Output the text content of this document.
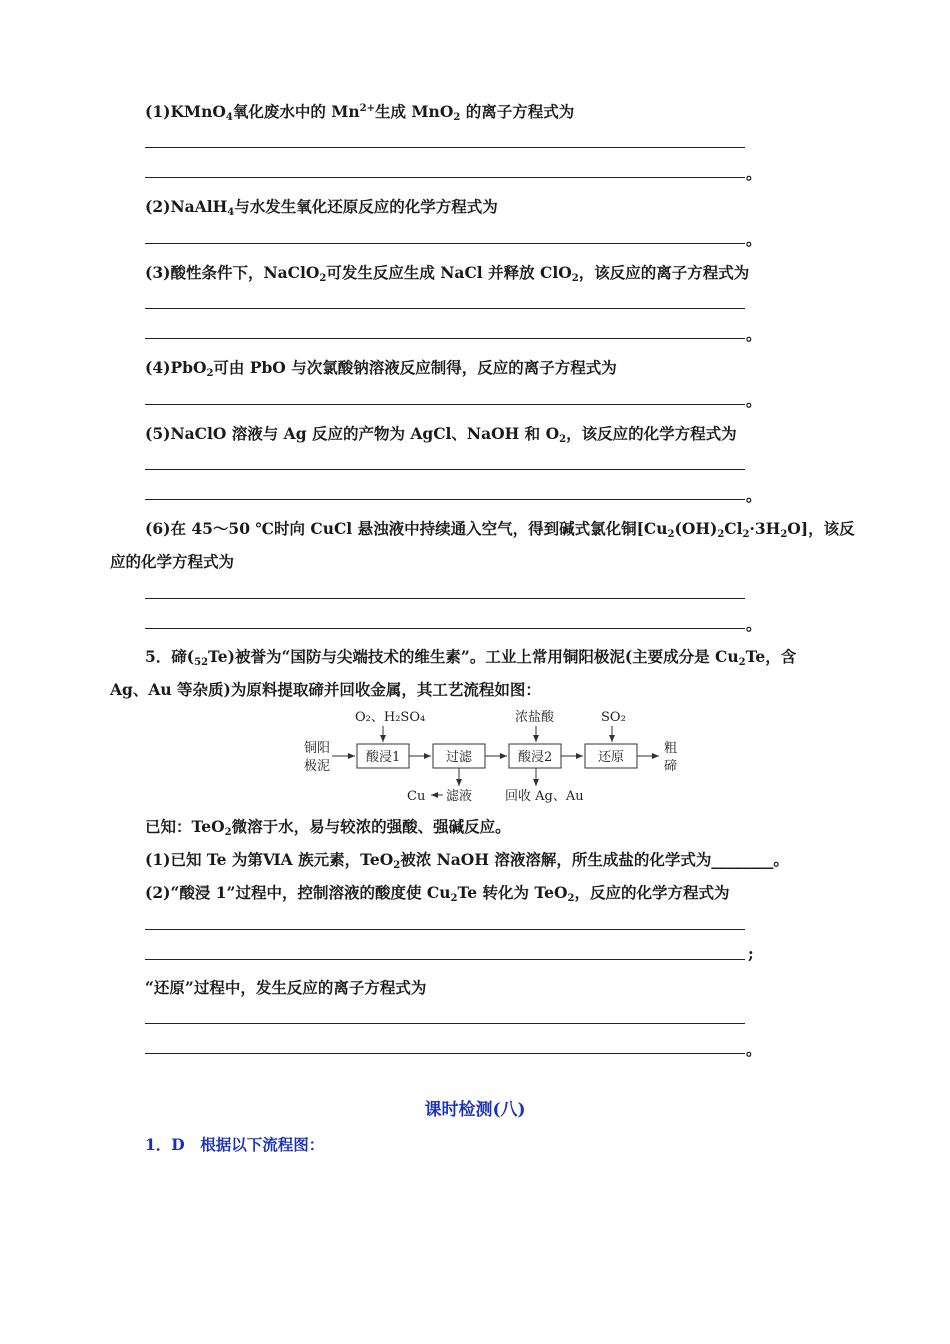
(1)KMnO$_4$氧化废水中的 $Mn^{2+}$生成 MnO$_2$ 的离子方程式为
。
(2)NaAlH$_4$与水发生氧化还原反应的化学方程式为
。
(3)酸性条件下，NaClO$_2$可发生反应生成 NaCl 并释放 ClO$_2$，该反应的离子方程式为
。
(4)PbO$_2$可由 PbO 与次氯酸钠溶液反应制得，反应的离子方程式为
。
(5)NaClO 溶液与 Ag 反应的产物为 AgCl、NaOH 和 $O_2$，该反应的化学方程式为
。
(6)在 45～50 ℃时向 CuCl 悬浊液中持续通入空气，得到碱式氯化铜$[Cu_2(OH)_2Cl_2\cdot 3H_2O]$，该反
应的化学方程式为
。
5．碲$(_{52}Te)$被誉为“国防与尖端技术的维生素”。工业上常用铜阳极泥(主要成分是 $Cu_2Te$，含
Ag、Au 等杂质)为原料提取碲并回收金属，其工艺流程如图：
O₂、H₂SO₄	浓盐酸	SO₂
铜阳
极泥
酸浸1	过滤	酸浸2	还原
粗
碲
Cu 滤液	回收 Ag、Au
已知：TeO$_2$微溶于水，易与较浓的强酸、强碱反应。
(1)已知 Te 为第ⅥA 族元素，TeO$_2$被浓 NaOH 溶液溶解，所生成盐的化学式为________。
(2)“酸浸 1”过程中，控制溶液的酸度使 $Cu_2Te$ 转化为 TeO$_2$，反应的化学方程式为
;
“还原”过程中，发生反应的离子方程式为
。
课时检测(八)
1．D　根据以下流程图：
